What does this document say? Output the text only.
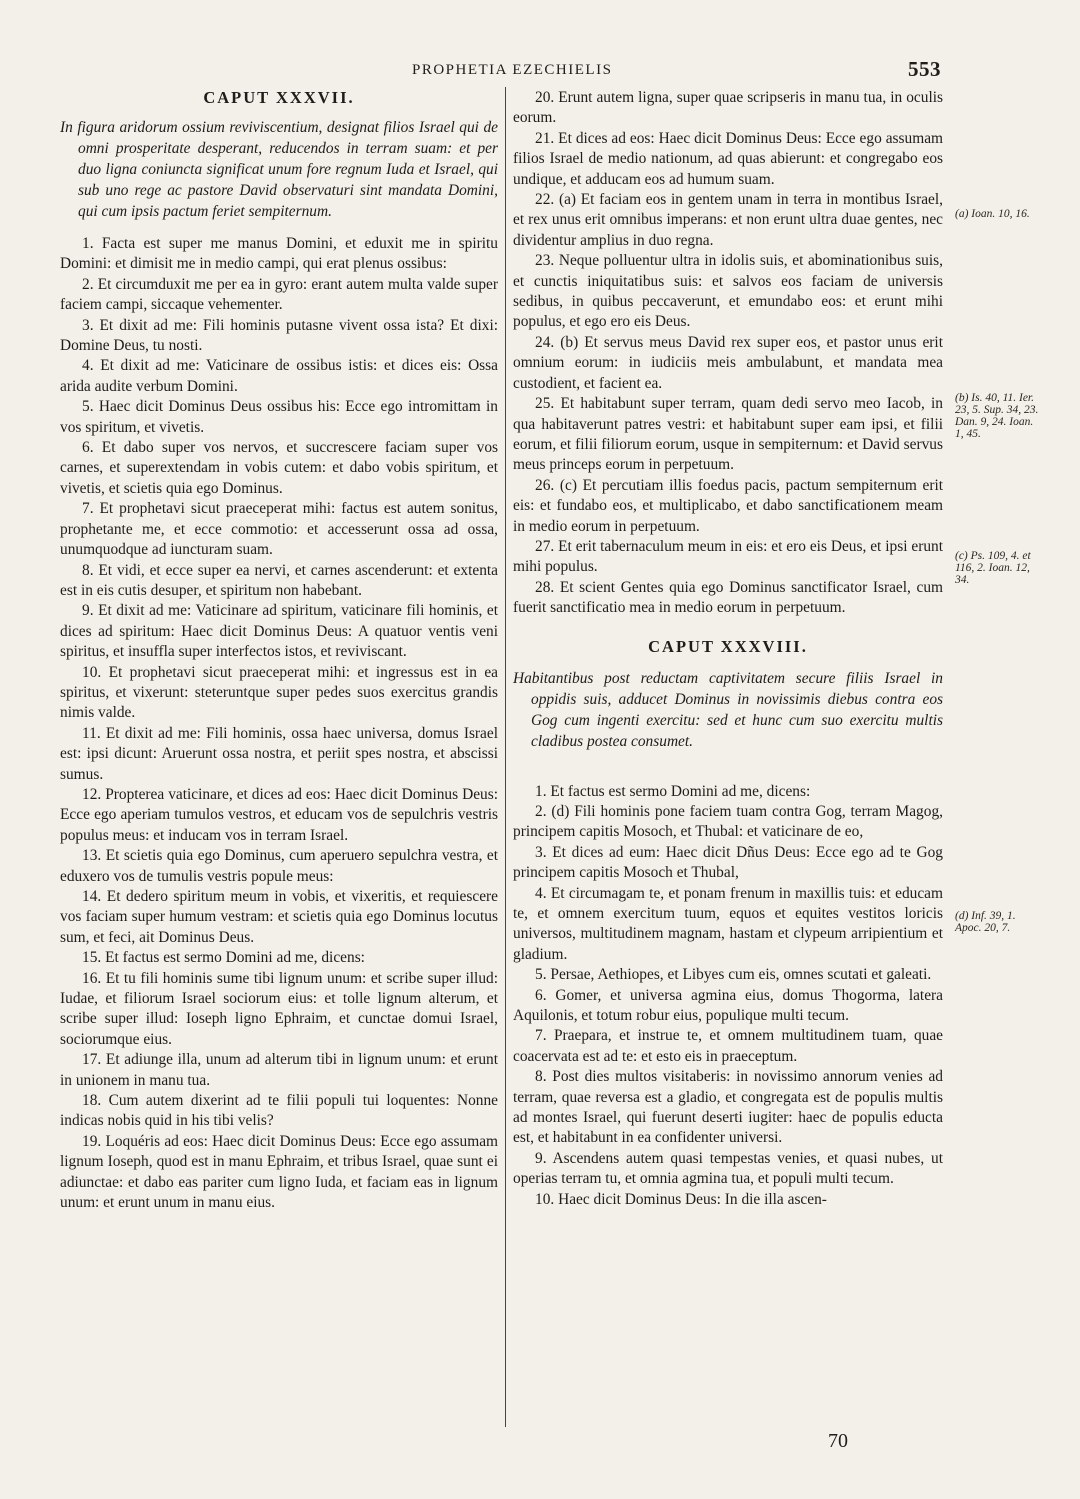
PROPHETIA EZECHIELIS	553
CAPUT XXXVII.
In figura aridorum ossium reviviscentium, designat filios Israel qui de omni prosperitate desperant, reducendos in terram suam: et per duo ligna coniuncta significat unum fore regnum Iuda et Israel, qui sub uno rege ac pastore David observaturi sint mandata Domini, qui cum ipsis pactum feriet sempiternum.

1. Facta est super me manus Domini, et eduxit me in spiritu Domini: et dimisit me in medio campi, qui erat plenus ossibus:

2. Et circumduxit me per ea in gyro: erant autem multa valde super faciem campi, siccaque vehementer.

3. Et dixit ad me: Fili hominis putasne vivent ossa ista? Et dixi: Domine Deus, tu nosti.

4. Et dixit ad me: Vaticinare de ossibus istis: et dices eis: Ossa arida audite verbum Domini.

5. Haec dicit Dominus Deus ossibus his: Ecce ego intromittam in vos spiritum, et vivetis.

6. Et dabo super vos nervos, et succrescere faciam super vos carnes, et superextendam in vobis cutem: et dabo vobis spiritum, et vivetis, et scietis quia ego Dominus.

7. Et prophetavi sicut praeceperat mihi: factus est autem sonitus, prophetante me, et ecce commotio: et accesserunt ossa ad ossa, unumquodque ad iuncturam suam.

8. Et vidi, et ecce super ea nervi, et carnes ascenderunt: et extenta est in eis cutis desuper, et spiritum non habebant.

9. Et dixit ad me: Vaticinare ad spiritum, vaticinare fili hominis, et dices ad spiritum: Haec dicit Dominus Deus: A quatuor ventis veni spiritus, et insuffla super interfectos istos, et reviviscant.

10. Et prophetavi sicut praeceperat mihi: et ingressus est in ea spiritus, et vixerunt: steteruntque super pedes suos exercitus grandis nimis valde.

11. Et dixit ad me: Fili hominis, ossa haec universa, domus Israel est: ipsi dicunt: Aruerunt ossa nostra, et periit spes nostra, et abscissi sumus.

12. Propterea vaticinare, et dices ad eos: Haec dicit Dominus Deus: Ecce ego aperiam tumulos vestros, et educam vos de sepulchris vestris populus meus: et inducam vos in terram Israel.

13. Et scietis quia ego Dominus, cum aperuero sepulchra vestra, et eduxero vos de tumulis vestris popule meus:

14. Et dedero spiritum meum in vobis, et vixeritis, et requiescere vos faciam super humum vestram: et scietis quia ego Dominus locutus sum, et feci, ait Dominus Deus.

15. Et factus est sermo Domini ad me, dicens:

16. Et tu fili hominis sume tibi lignum unum: et scribe super illud: Iudae, et filiorum Israel sociorum eius: et tolle lignum alterum, et scribe super illud: Ioseph ligno Ephraim, et cunctae domui Israel, sociorumque eius.

17. Et adiunge illa, unum ad alterum tibi in lignum unum: et erunt in unionem in manu tua.

18. Cum autem dixerint ad te filii populi tui loquentes: Nonne indicas nobis quid in his tibi velis?

19. Loquéris ad eos: Haec dicit Dominus Deus: Ecce ego assumam lignum Ioseph, quod est in manu Ephraim, et tribus Israel, quae sunt ei adiunctae: et dabo eas pariter cum ligno Iuda, et faciam eas in lignum unum: et erunt unum in manu eius.

20. Erunt autem ligna, super quae scripseris in manu tua, in oculis eorum.

21. Et dices ad eos: Haec dicit Dominus Deus: Ecce ego assumam filios Israel de medio nationum, ad quas abierunt: et congregabo eos undique, et adducam eos ad humum suam.

22. (a) Et faciam eos in gentem unam in terra in montibus Israel, et rex unus erit omnibus imperans: et non erunt ultra duae gentes, nec dividentur amplius in duo regna.

23. Neque polluentur ultra in idolis suis, et abominationibus suis, et cunctis iniquitatibus suis: et salvos eos faciam de universis sedibus, in quibus peccaverunt, et emundabo eos: et erunt mihi populus, et ego ero eis Deus.

24. (b) Et servus meus David rex super eos, et pastor unus erit omnium eorum: in iudiciis meis ambulabunt, et mandata mea custodient, et facient ea.

25. Et habitabunt super terram, quam dedi servo meo Iacob, in qua habitaverunt patres vestri: et habitabunt super eam ipsi, et filii eorum, et filii filiorum eorum, usque in sempiternum: et David servus meus princeps eorum in perpetuum.

26. (c) Et percutiam illis foedus pacis, pactum sempiternum erit eis: et fundabo eos, et multiplicabo, et dabo sanctificationem meam in medio eorum in perpetuum.

27. Et erit tabernaculum meum in eis: et ero eis Deus, et ipsi erunt mihi populus.

28. Et scient Gentes quia ego Dominus sanctificator Israel, cum fuerit sanctificatio mea in medio eorum in perpetuum.

CAPUT XXXVIII.
Habitantibus post reductam captivitatem secure filiis Israel in oppidis suis, adducet Dominus in novissimis diebus contra eos Gog cum ingenti exercitu: sed et hunc cum suo exercitu multis cladibus postea consumet.

1. Et factus est sermo Domini ad me, dicens:

2. (d) Fili hominis pone faciem tuam contra Gog, terram Magog, principem capitis Mosoch, et Thubal: et vaticinare de eo,

3. Et dices ad eum: Haec dicit Dñus Deus: Ecce ego ad te Gog principem capitis Mosoch et Thubal,

4. Et circumagam te, et ponam frenum in maxillis tuis: et educam te, et omnem exercitum tuum, equos et equites vestitos loricis universos, multitudinem magnam, hastam et clypeum arripientium et gladium.

5. Persae, Aethiopes, et Libyes cum eis, omnes scutati et galeati.

6. Gomer, et universa agmina eius, domus Thogorma, latera Aquilonis, et totum robur eius, populique multi tecum.

7. Praepara, et instrue te, et omnem multitudinem tuam, quae coacervata est ad te: et esto eis in praeceptum.

8. Post dies multos visitaberis: in novissimo annorum venies ad terram, quae reversa est a gladio, et congregata est de populis multis ad montes Israel, qui fuerunt deserti iugiter: haec de populis educta est, et habitabunt in ea confidenter universi.

9. Ascendens autem quasi tempestas venies, et quasi nubes, ut operias terram tu, et omnia agmina tua, et populi multi tecum.

10. Haec dicit Dominus Deus: In die illa ascen-

(a) Ioan. 10, 16.
(b) Is. 40, 11. Ier. 23, 5. Sup. 34, 23. Dan. 9, 24. Ioan. 1, 45.
(c) Ps. 109, 4. et 116, 2. Ioan. 12, 34.
(d) Inf. 39, 1. Apoc. 20, 7.
70
